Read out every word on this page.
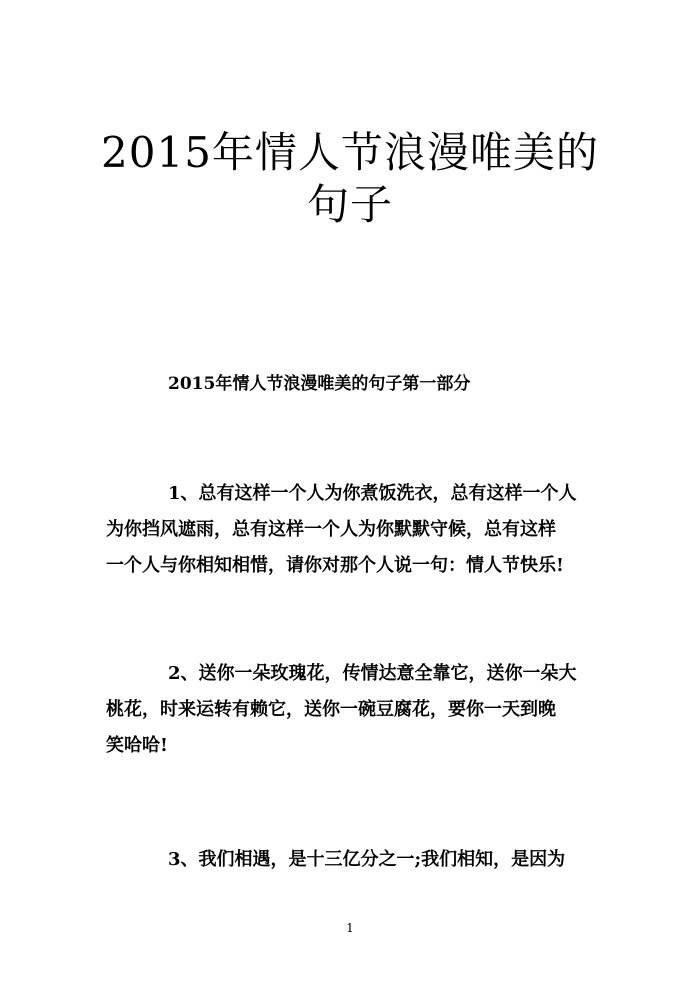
2015年情人节浪漫唯美的
句子
2015年情人节浪漫唯美的句子第一部分
1、总有这样一个人为你煮饭洗衣，总有这样一个人
为你挡风遮雨，总有这样一个人为你默默守候，总有这样
一个人与你相知相惜，请你对那个人说一句：情人节快乐!
2、送你一朵玫瑰花，传情达意全靠它，送你一朵大
桃花，时来运转有赖它，送你一碗豆腐花，要你一天到晚
笑哈哈!
3、我们相遇，是十三亿分之一;我们相知，是因为
1
